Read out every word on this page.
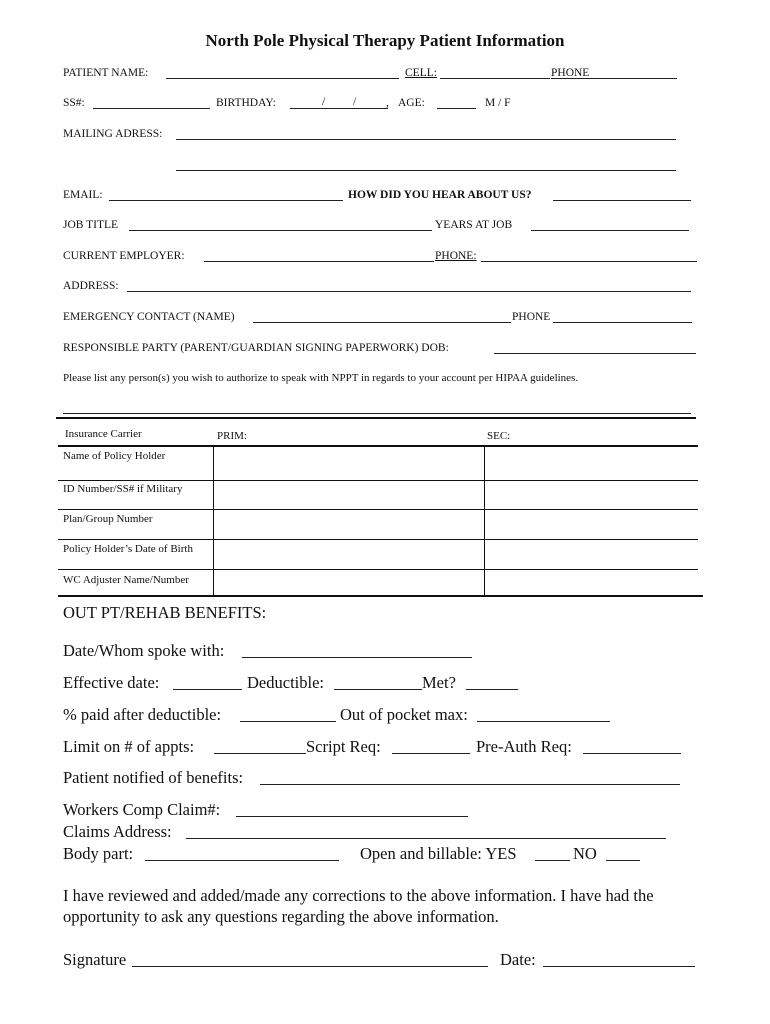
North Pole Physical Therapy Patient Information
PATIENT NAME:	CELL:	PHONE
SS#:	BIRTHDAY:	/ /	, AGE:	M / F
MAILING ADRESS:
EMAIL:	HOW DID YOU HEAR ABOUT US?
JOB TITLE	YEARS AT JOB
CURRENT EMPLOYER:	PHONE:
ADDRESS:
EMERGENCY CONTACT (NAME)	PHONE
RESPONSIBLE PARTY (PARENT/GUARDIAN SIGNING PAPERWORK) DOB:
Please list any person(s) you wish to authorize to speak with NPPT in regards to your account per HIPAA guidelines.
Insurance Carrier	PRIM:	SEC:
Name of Policy Holder
ID Number/SS# if Military
Plan/Group Number
Policy Holder’s Date of Birth
WC Adjuster Name/Number
OUT PT/REHAB BENEFITS:
Date/Whom spoke with:
Effective date:	Deductible:	Met?
% paid after deductible:	Out of pocket max:
Limit on # of appts:	Script Req:	Pre-Auth Req:
Patient notified of benefits:
Workers Comp Claim#:
Claims Address:
Body part:	Open and billable: YES	NO
I have reviewed and added/made any corrections to the above information. I have had the
opportunity to ask any questions regarding the above information.
Signature	Date:
